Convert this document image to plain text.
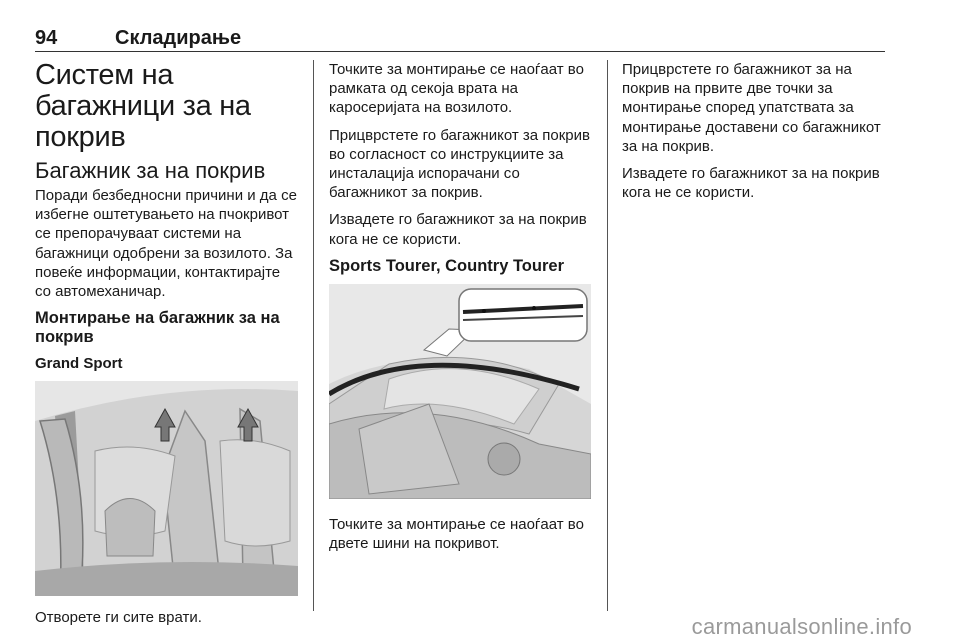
94	Складирање
Систем на багажници за на покрив
Багажник за на покрив

Поради безбедносни причини и да се избегне оштетувањето на пчокривот се препорачуваат системи на багажници одобрени за возилото. За повеќе информации, контактирајте со автомеханичар.

Монтирање на багажник за на покрив
Grand Sport

Отворете ги сите врати.

Точките за монтирање се наоѓаат во рамката од секоја врата на каросеријата на возилото.

Прицврстете го багажникот за покрив во согласност со инструкциите за инсталација испорачани со багажникот за покрив.

Извадете го багажникот за на покрив кога не се користи.

Sports Tourer, Country Tourer

Точките за монтирање се наоѓаат во двете шини на покривот.

Прицврстете го багажникот за на покрив на првите две точки за монтирање според упатствата за монтирање доставени со багажникот за на покрив.

Извадете го багажникот за на покрив кога не се користи.

carmanualsonline.info
